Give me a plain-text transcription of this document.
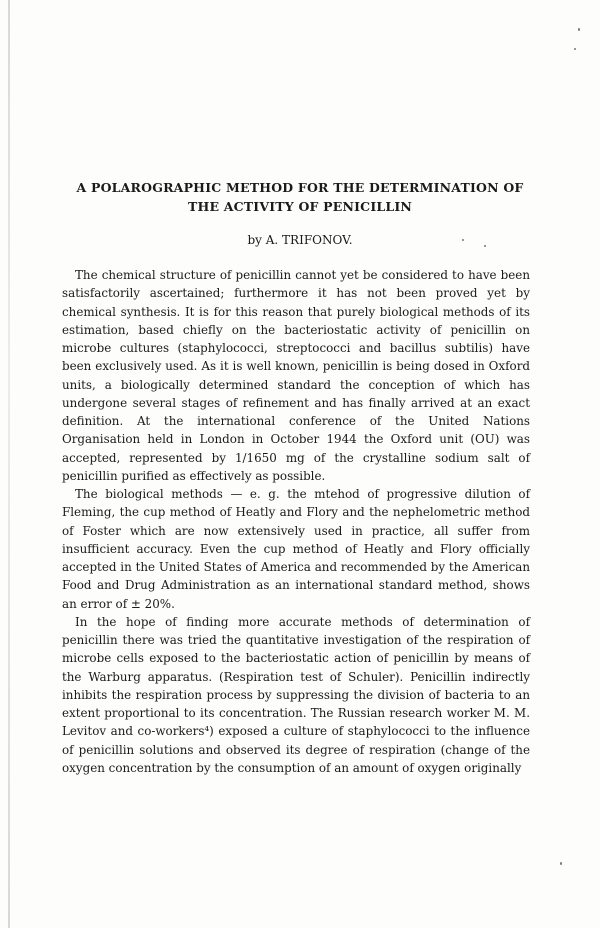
A POLAROGRAPHIC METHOD FOR THE DETERMINATION OF
THE ACTIVITY OF PENICILLIN

by A. TRIFONOV.

The chemical structure of penicillin cannot yet be considered to have been satisfactorily ascertained; furthermore it has not been proved yet by chemical synthesis. It is for this reason that purely biological methods of its estimation, based chiefly on the bacteriostatic activity of penicillin on microbe cultures (staphylococci, streptococci and bacillus subtilis) have been exclusively used. As it is well known, penicillin is being dosed in Oxford units, a biologically determined standard the conception of which has undergone several stages of refinement and has finally arrived at an exact definition. At the international conference of the United Nations Organisation held in London in October 1944 the Oxford unit (OU) was accepted, represented by 1/1650 mg of the crystalline sodium salt of penicillin purified as effectively as possible.

The biological methods — e. g. the mtehod of progressive dilution of Fleming, the cup method of Heatly and Flory and the nephelometric method of Foster which are now extensively used in practice, all suffer from insufficient accuracy. Even the cup method of Heatly and Flory officially accepted in the United States of America and recommended by the American Food and Drug Administration as an international standard method, shows an error of ± 20%.

In the hope of finding more accurate methods of determination of penicillin there was tried the quantitative investigation of the respiration of microbe cells exposed to the bacteriostatic action of penicillin by means of the Warburg apparatus. (Respiration test of Schuler). Penicillin indirectly inhibits the respiration process by suppressing the division of bacteria to an extent proportional to its concentration. The Russian research worker M. M. Levitov and co-workers⁴) exposed a culture of staphylococci to the influence of penicillin solutions and observed its degree of respiration (change of the oxygen concentration by the consumption of an amount of oxygen originally
